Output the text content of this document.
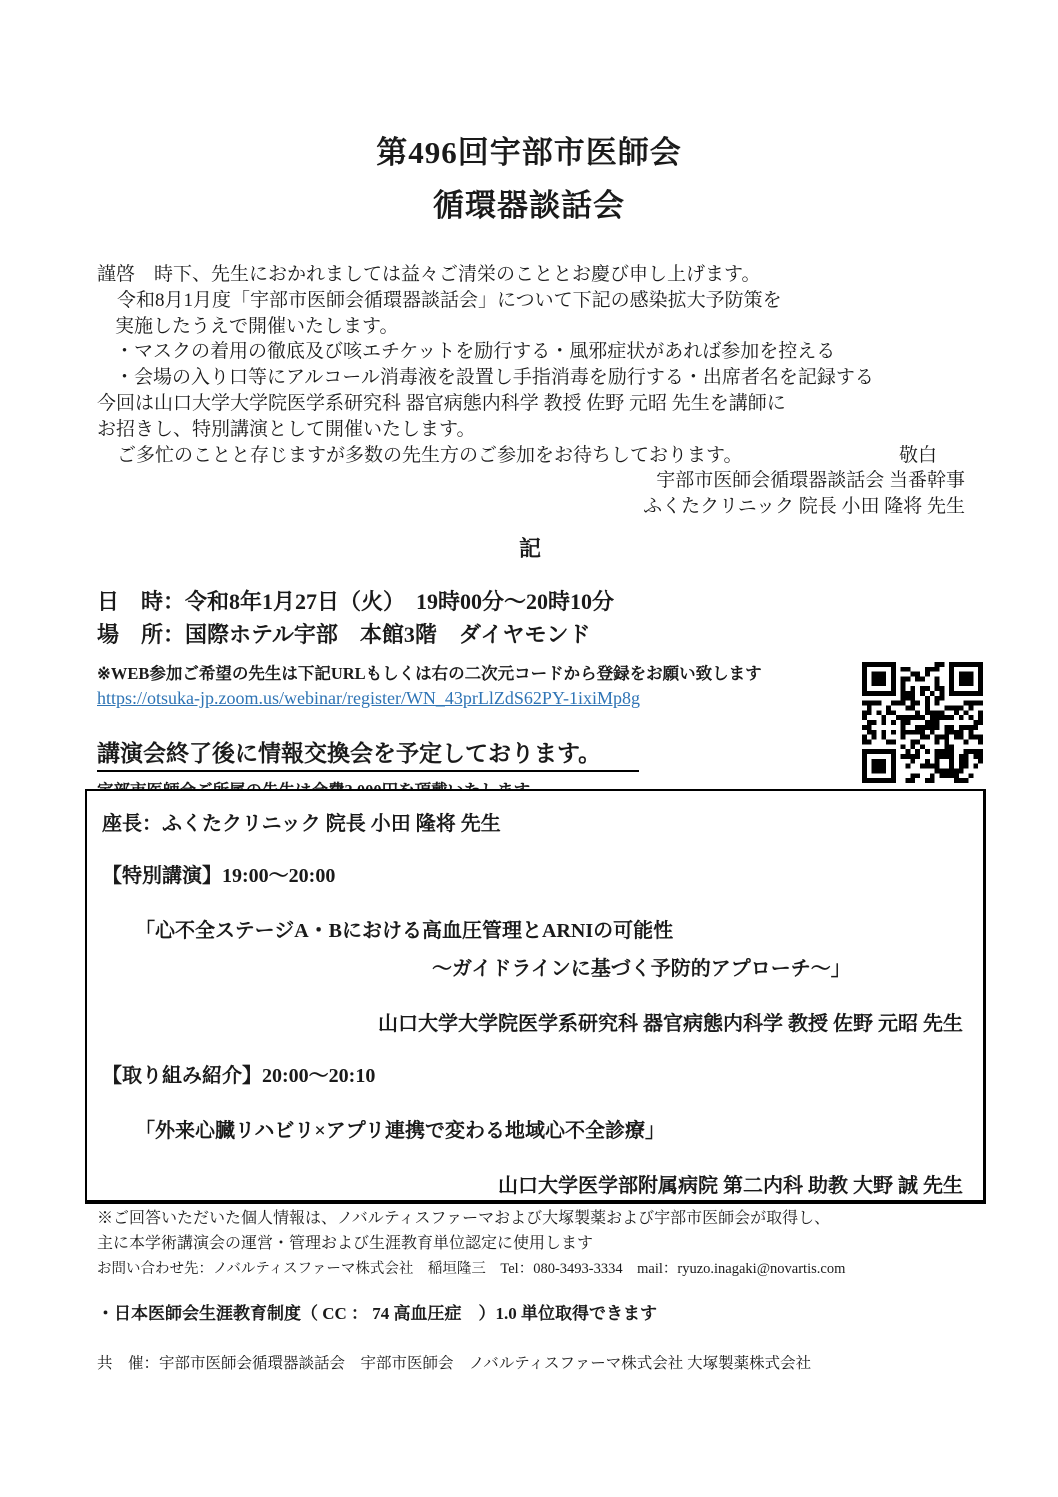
第496回宇部市医師会
循環器談話会
謹啓　時下、先生におかれましては益々ご清栄のこととお慶び申し上げます。
令和8月1月度「宇部市医師会循環器談話会」について下記の感染拡大予防策を
実施したうえで開催いたします。
・マスクの着用の徹底及び咳エチケットを励行する・風邪症状があれば参加を控える
・会場の入り口等にアルコール消毒液を設置し手指消毒を励行する・出席者名を記録する
今回は山口大学大学院医学系研究科 器官病態内科学 教授 佐野 元昭 先生を講師に
お招きし、特別講演として開催いたします。
ご多忙のことと存じますが多数の先生方のご参加をお待ちしております。	敬白
宇部市医師会循環器談話会 当番幹事
ふくたクリニック 院長 小田 隆将 先生
記
日　時：令和8年1月27日（火）　19時00分～20時10分
場　所：国際ホテル宇部　本館3階　ダイヤモンド
※WEB参加ご希望の先生は下記URLもしくは右の二次元コードから登録をお願い致します
https://otsuka-jp.zoom.us/webinar/register/WN_43prLlZdS62PY-1ixiMp8g
講演会終了後に情報交換会を予定しております。
座長：ふくたクリニック 院長 小田 隆将 先生
【特別講演】19:00～20:00
「心不全ステージA・Bにおける高血圧管理とARNIの可能性
～ガイドラインに基づく予防的アプローチ～」
山口大学大学院医学系研究科 器官病態内科学 教授 佐野 元昭 先生
【取り組み紹介】20:00～20:10
「外来心臓リハビリ×アプリ連携で変わる地域心不全診療」
山口大学医学部附属病院 第二内科 助教 大野 誠 先生
※ご回答いただいた個人情報は、ノバルティスファーマおよび大塚製薬および宇部市医師会が取得し、
主に本学術講演会の運営・管理および生涯教育単位認定に使用します
お問い合わせ先：ノバルティスファーマ株式会社　稲垣隆三　Tel：080-3493-3334　mail：ryuzo.inagaki@novartis.com
・日本医師会生涯教育制度（ CC ： 74 高血圧症　）1.0 単位取得できます
共　催：宇部市医師会循環器談話会　宇部市医師会　ノバルティスファーマ株式会社 大塚製薬株式会社
